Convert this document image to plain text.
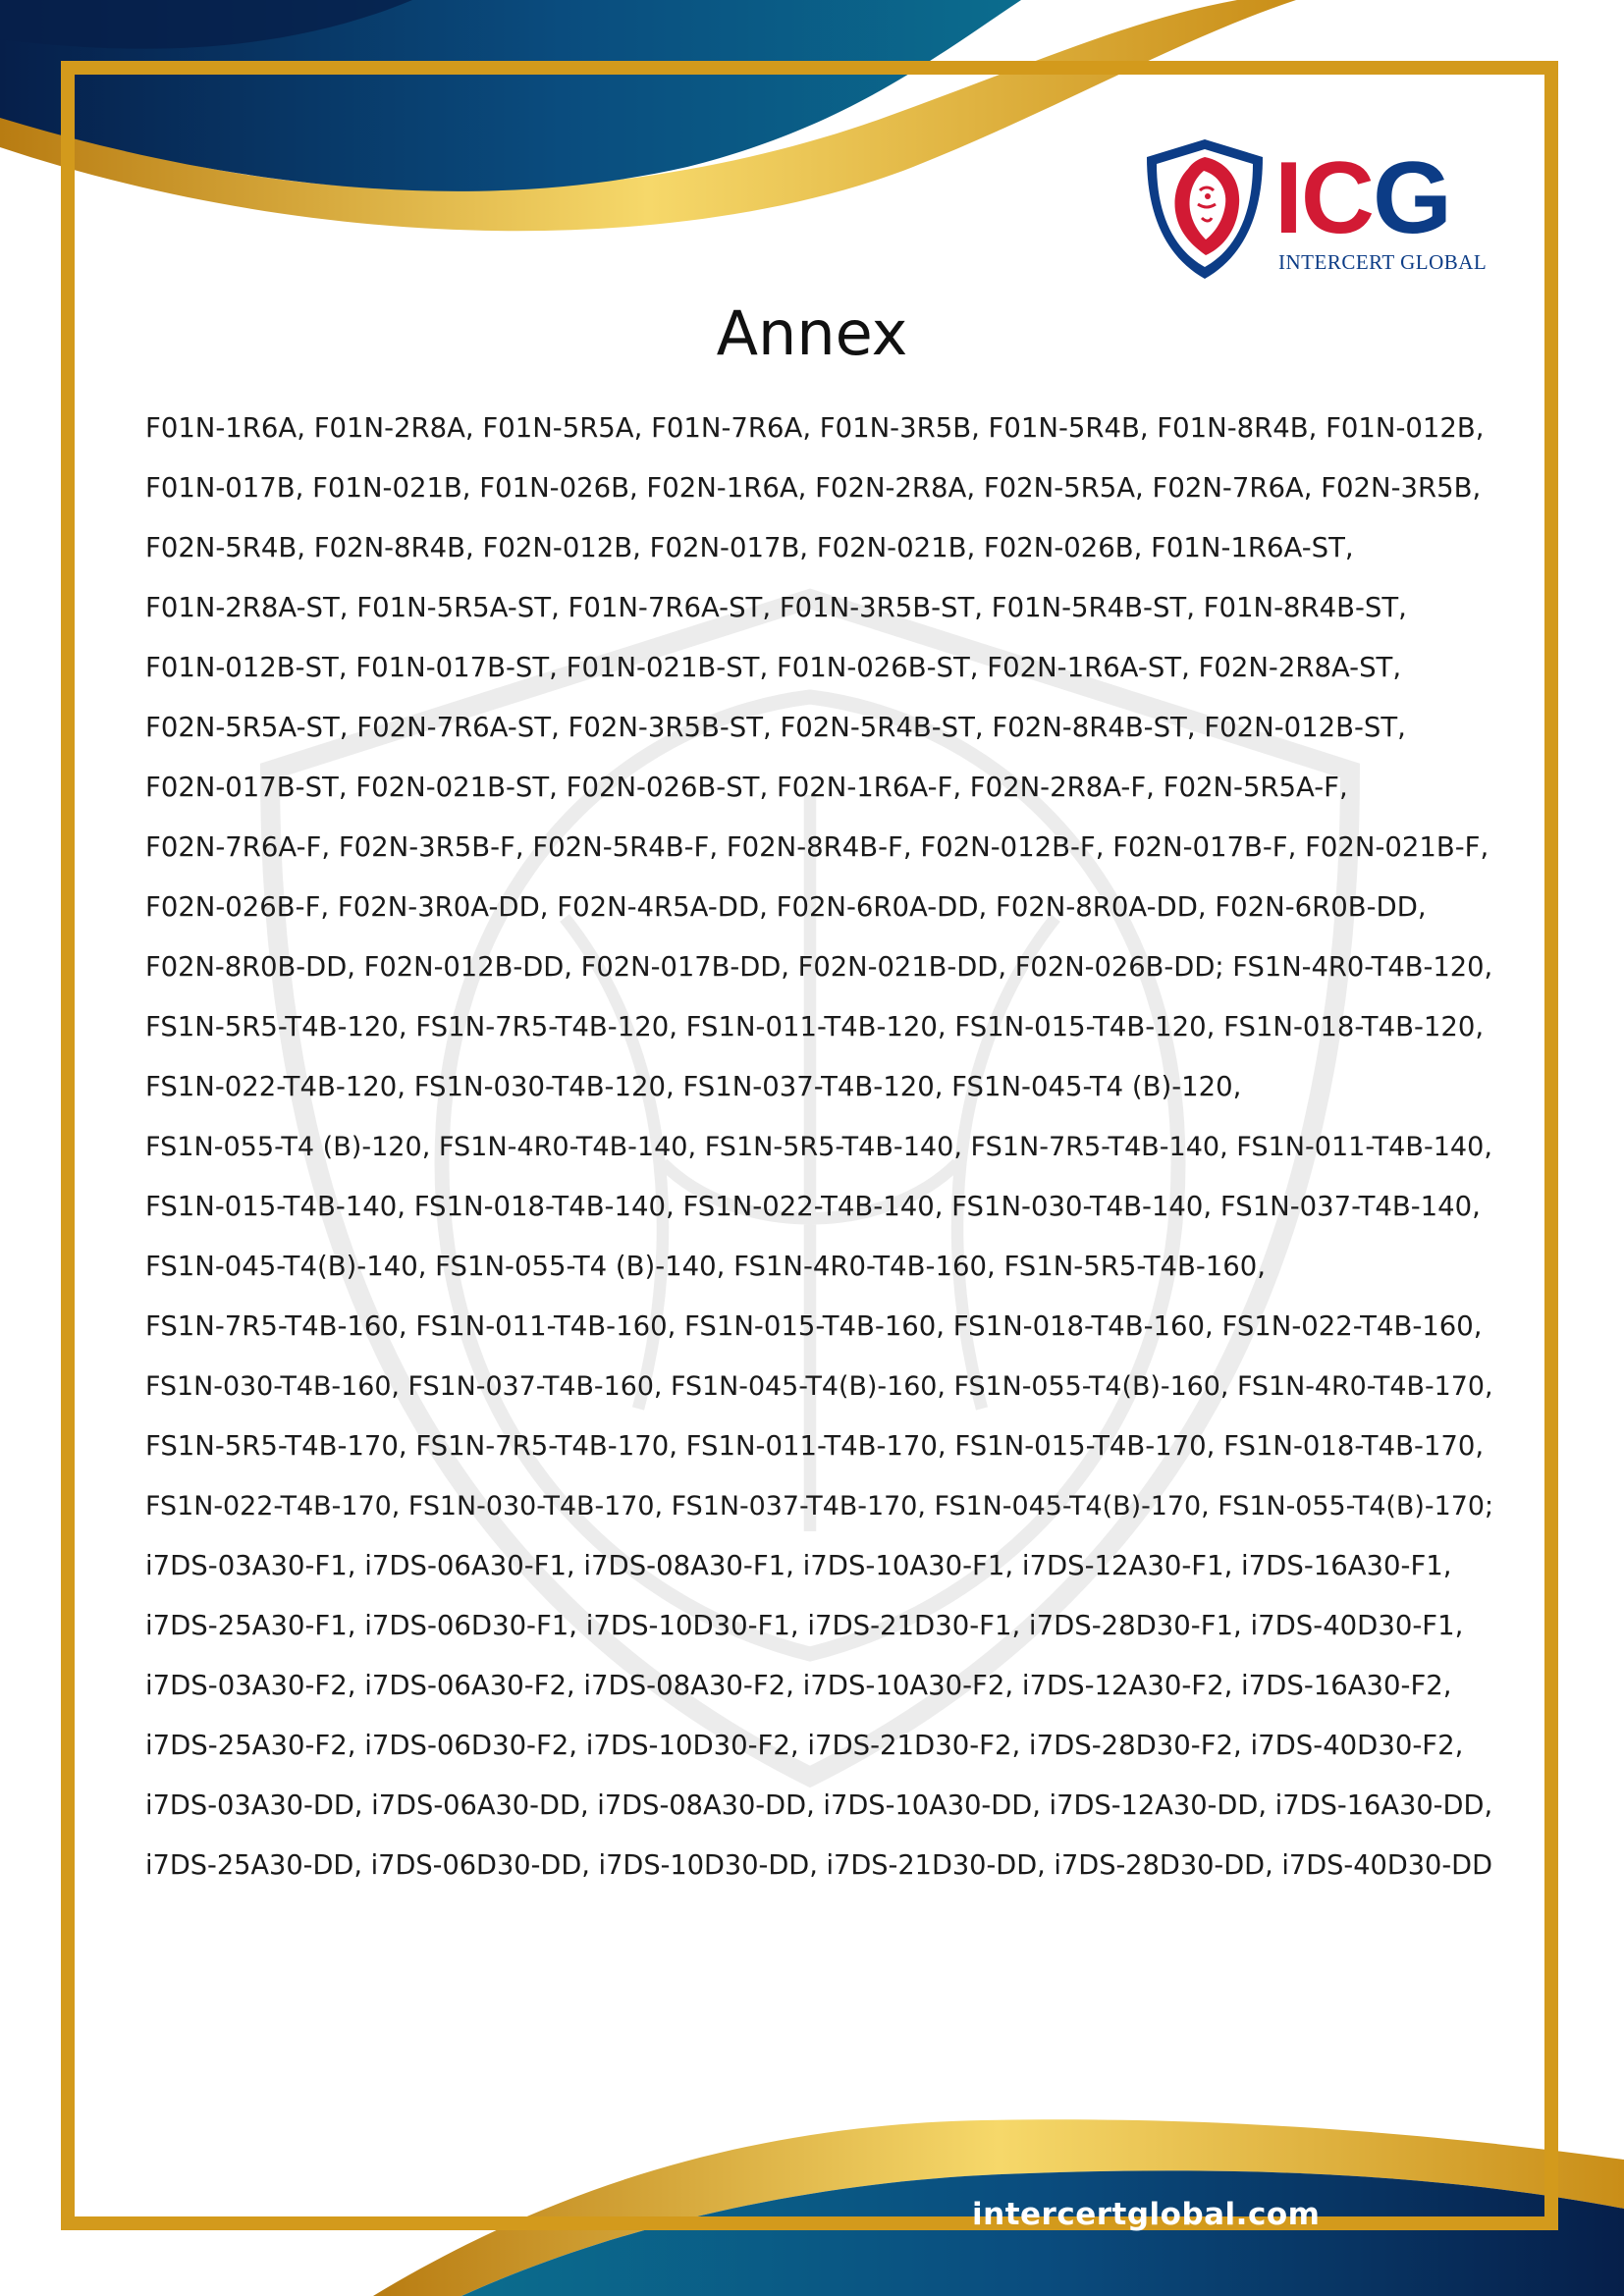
ICG
INTERCERT GLOBAL
Annex
F01N-1R6A, F01N-2R8A, F01N-5R5A, F01N-7R6A, F01N-3R5B, F01N-5R4B, F01N-8R4B, F01N-012B,
F01N-017B, F01N-021B, F01N-026B, F02N-1R6A, F02N-2R8A, F02N-5R5A, F02N-7R6A, F02N-3R5B,
F02N-5R4B, F02N-8R4B, F02N-012B, F02N-017B, F02N-021B, F02N-026B, F01N-1R6A-ST,
F01N-2R8A-ST, F01N-5R5A-ST, F01N-7R6A-ST, F01N-3R5B-ST, F01N-5R4B-ST, F01N-8R4B-ST,
F01N-012B-ST, F01N-017B-ST, F01N-021B-ST, F01N-026B-ST, F02N-1R6A-ST, F02N-2R8A-ST,
F02N-5R5A-ST, F02N-7R6A-ST, F02N-3R5B-ST, F02N-5R4B-ST, F02N-8R4B-ST, F02N-012B-ST,
F02N-017B-ST, F02N-021B-ST, F02N-026B-ST, F02N-1R6A-F, F02N-2R8A-F, F02N-5R5A-F,
F02N-7R6A-F, F02N-3R5B-F, F02N-5R4B-F, F02N-8R4B-F, F02N-012B-F, F02N-017B-F, F02N-021B-F,
F02N-026B-F, F02N-3R0A-DD, F02N-4R5A-DD, F02N-6R0A-DD, F02N-8R0A-DD, F02N-6R0B-DD,
F02N-8R0B-DD, F02N-012B-DD, F02N-017B-DD, F02N-021B-DD, F02N-026B-DD; FS1N-4R0-T4B-120,
FS1N-5R5-T4B-120, FS1N-7R5-T4B-120, FS1N-011-T4B-120, FS1N-015-T4B-120, FS1N-018-T4B-120,
FS1N-022-T4B-120, FS1N-030-T4B-120, FS1N-037-T4B-120, FS1N-045-T4 (B)-120,
FS1N-055-T4 (B)-120, FS1N-4R0-T4B-140, FS1N-5R5-T4B-140, FS1N-7R5-T4B-140, FS1N-011-T4B-140,
FS1N-015-T4B-140, FS1N-018-T4B-140, FS1N-022-T4B-140, FS1N-030-T4B-140, FS1N-037-T4B-140,
FS1N-045-T4(B)-140, FS1N-055-T4 (B)-140, FS1N-4R0-T4B-160, FS1N-5R5-T4B-160,
FS1N-7R5-T4B-160, FS1N-011-T4B-160, FS1N-015-T4B-160, FS1N-018-T4B-160, FS1N-022-T4B-160,
FS1N-030-T4B-160, FS1N-037-T4B-160, FS1N-045-T4(B)-160, FS1N-055-T4(B)-160, FS1N-4R0-T4B-170,
FS1N-5R5-T4B-170, FS1N-7R5-T4B-170, FS1N-011-T4B-170, FS1N-015-T4B-170, FS1N-018-T4B-170,
FS1N-022-T4B-170, FS1N-030-T4B-170, FS1N-037-T4B-170, FS1N-045-T4(B)-170, FS1N-055-T4(B)-170;
i7DS-03A30-F1, i7DS-06A30-F1, i7DS-08A30-F1, i7DS-10A30-F1, i7DS-12A30-F1, i7DS-16A30-F1,
i7DS-25A30-F1, i7DS-06D30-F1, i7DS-10D30-F1, i7DS-21D30-F1, i7DS-28D30-F1, i7DS-40D30-F1,
i7DS-03A30-F2, i7DS-06A30-F2, i7DS-08A30-F2, i7DS-10A30-F2, i7DS-12A30-F2, i7DS-16A30-F2,
i7DS-25A30-F2, i7DS-06D30-F2, i7DS-10D30-F2, i7DS-21D30-F2, i7DS-28D30-F2, i7DS-40D30-F2,
i7DS-03A30-DD, i7DS-06A30-DD, i7DS-08A30-DD, i7DS-10A30-DD, i7DS-12A30-DD, i7DS-16A30-DD,
i7DS-25A30-DD, i7DS-06D30-DD, i7DS-10D30-DD, i7DS-21D30-DD, i7DS-28D30-DD, i7DS-40D30-DD
intercertglobal.com
